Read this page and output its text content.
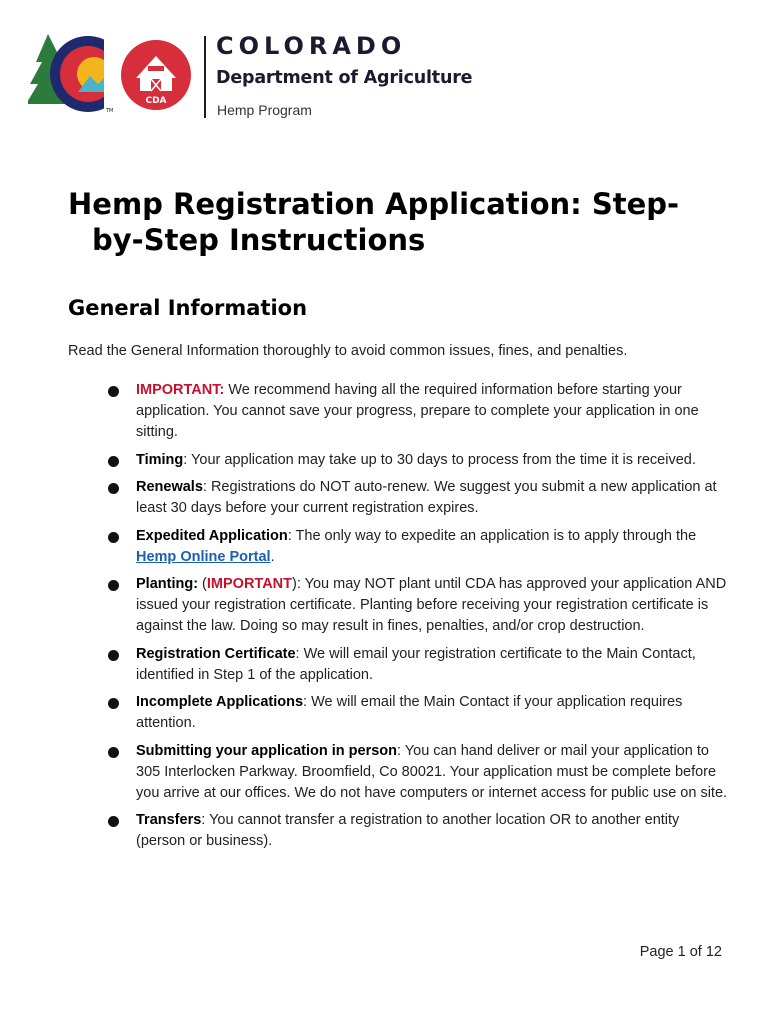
TM
CDA
COLORADO
Department of Agriculture
Hemp Program
Hemp Registration Application: Step-
by-Step Instructions
General Information
Read the General Information thoroughly to avoid common issues, fines, and penalties.
IMPORTANT: We recommend having all the required information before starting your application. You cannot save your progress, prepare to complete your application in one sitting.
Timing: Your application may take up to 30 days to process from the time it is received.
Renewals: Registrations do NOT auto-renew. We suggest you submit a new application at least 30 days before your current registration expires.
Expedited Application: The only way to expedite an application is to apply through the Hemp Online Portal.
Planting: (IMPORTANT): You may NOT plant until CDA has approved your application AND issued your registration certificate. Planting before receiving your registration certificate is against the law. Doing so may result in fines, penalties, and/or crop destruction.
Registration Certificate: We will email your registration certificate to the Main Contact, identified in Step 1 of the application.
Incomplete Applications: We will email the Main Contact if your application requires attention.
Submitting your application in person: You can hand deliver or mail your application to 305 Interlocken Parkway. Broomfield, Co 80021. Your application must be complete before you arrive at our offices. We do not have computers or internet access for public use on site.
Transfers: You cannot transfer a registration to another location OR to another entity (person or business).
Page 1 of 12
